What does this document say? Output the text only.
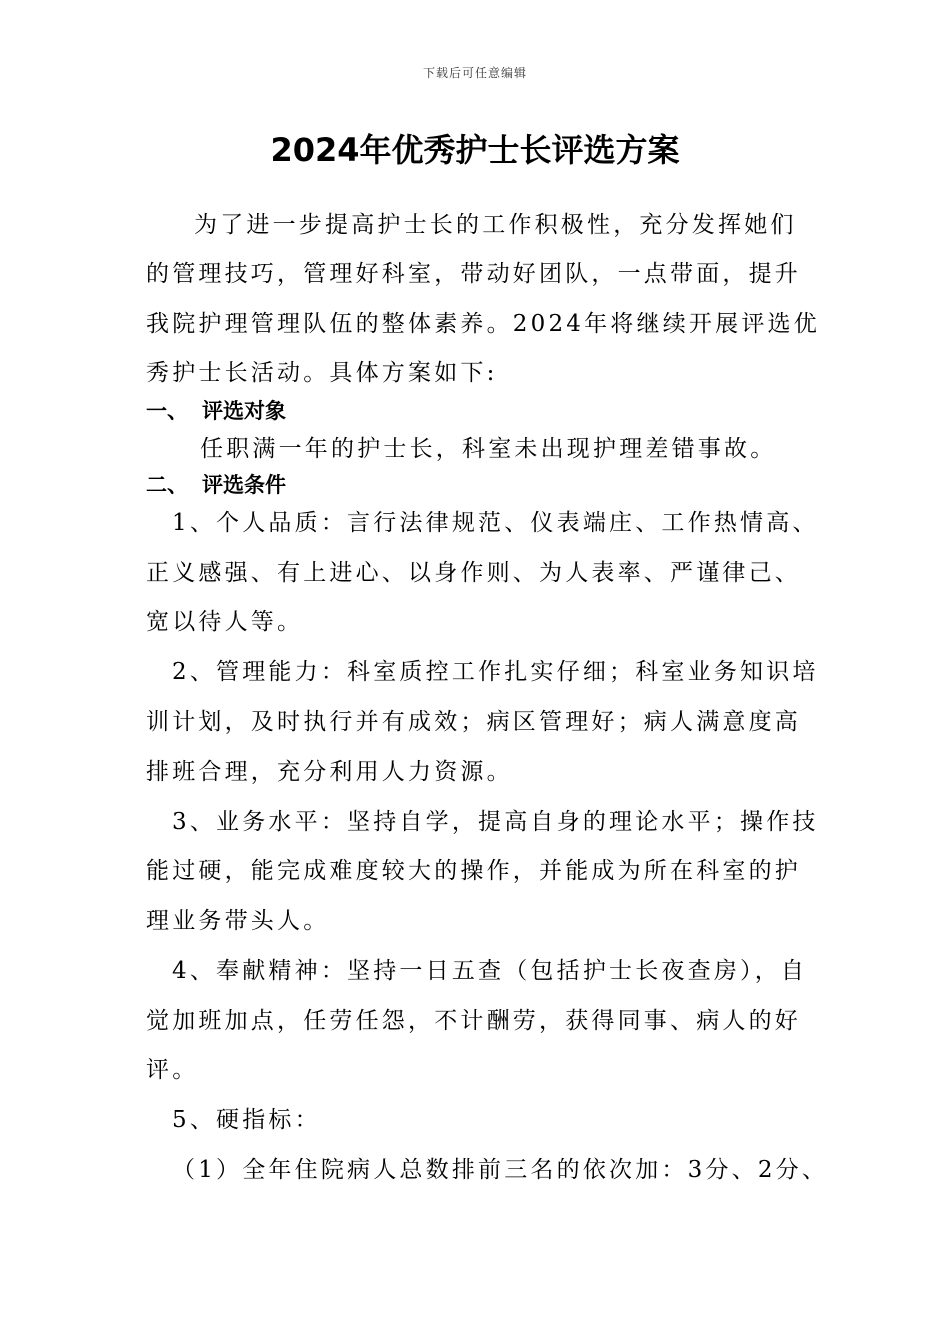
下载后可任意编辑
2024年优秀护士长评选方案

为了进一步提高护士长的工作积极性，充分发挥她们

的管理技巧，管理好科室，带动好团队，一点带面，提升

我院护理管理队伍的整体素养。2024年将继续开展评选优

秀护士长活动。具体方案如下:

一、 评选对象

任职满一年的护士长，科室未出现护理差错事故。

二、 评选条件

1、个人品质：言行法律规范、仪表端庄、工作热情高、

正义感强、有上进心、以身作则、为人表率、严谨律己、

宽以待人等。

2、管理能力：科室质控工作扎实仔细；科室业务知识培

训计划，及时执行并有成效；病区管理好；病人满意度高

排班合理，充分利用人力资源。

3、业务水平：坚持自学，提高自身的理论水平；操作技

能过硬，能完成难度较大的操作，并能成为所在科室的护

理业务带头人。

4、奉献精神：坚持一日五查（包括护士长夜查房），自

觉加班加点，任劳任怨，不计酬劳，获得同事、病人的好

评。

5、硬指标：

（1）全年住院病人总数排前三名的依次加：3分、2分、
